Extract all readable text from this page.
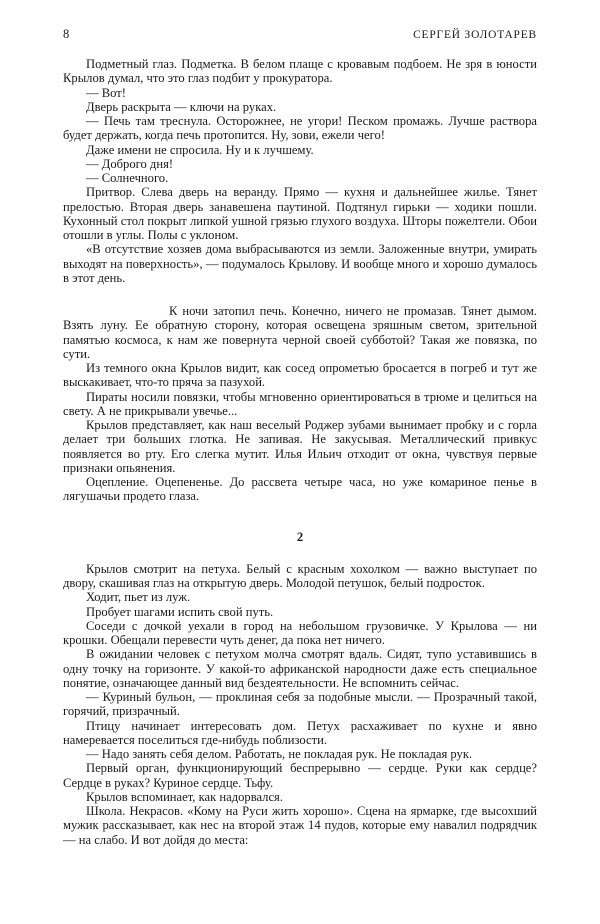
8	СЕРГЕЙ ЗОЛОТАРЕВ

Подметный глаз. Подметка. В белом плаще с кровавым подбоем. Не зря в юности Крылов думал, что это глаз подбит у прокуратора.

— Вот!

Дверь раскрыта — ключи на руках.

— Печь там треснула. Осторожнее, не угори! Песком промажь. Лучше раствора будет держать, когда печь протопится. Ну, зови, ежели чего!

Даже имени не спросила. Ну и к лучшему.

— Доброго дня!

— Солнечного.

Притвор. Слева дверь на веранду. Прямо — кухня и дальнейшее жилье. Тянет прелостью. Вторая дверь занавешена паутиной. Подтянул гирьки — ходики пошли. Кухонный стол покрыт липкой ушной грязью глухого воздуха. Шторы пожелтели. Обои отошли в углы. Полы с уклоном.

«В отсутствие хозяев дома выбрасываются из земли. Заложенные внутри, умирать выходят на поверхность», — подумалось Крылову. И вообще много и хорошо думалось в этот день.

К ночи затопил печь. Конечно, ничего не промазав. Тянет дымом. Взять луну. Ее обратную сторону, которая освещена зряшным светом, зрительной памятью космоса, к нам же повернута черной своей субботой? Такая же повязка, по сути.

Из темного окна Крылов видит, как сосед опрометью бросается в погреб и тут же выскакивает, что-то пряча за пазухой.

Пираты носили повязки, чтобы мгновенно ориентироваться в трюме и целиться на свету. А не прикрывали увечье...

Крылов представляет, как наш веселый Роджер зубами вынимает пробку и с горла делает три больших глотка. Не запивая. Не закусывая. Металлический привкус появляется во рту. Его слегка мутит. Илья Ильич отходит от окна, чувствуя первые признаки опьянения.

Оцепление. Оцепененье. До рассвета четыре часа, но уже комариное пенье в лягушачьи продето глаза.

2

Крылов смотрит на петуха. Белый с красным хохолком — важно выступает по двору, скашивая глаз на открытую дверь. Молодой петушок, белый подросток.

Ходит, пьет из луж.

Пробует шагами испить свой путь.

Соседи с дочкой уехали в город на небольшом грузовичке. У Крылова — ни крошки. Обещали перевести чуть денег, да пока нет ничего.

В ожидании человек с петухом молча смотрят вдаль. Сидят, тупо уставившись в одну точку на горизонте. У какой-то африканской народности даже есть специальное понятие, означающее данный вид бездеятельности. Не вспомнить сейчас.

— Куриный бульон, — проклиная себя за подобные мысли. — Прозрачный такой, горячий, призрачный.

Птицу начинает интересовать дом. Петух расхаживает по кухне и явно намеревается поселиться где-нибудь поблизости.

— Надо занять себя делом. Работать, не покладая рук. Не покладая рук.

Первый орган, функционирующий беспрерывно — сердце. Руки как сердце? Сердце в руках? Куриное сердце. Тьфу.

Крылов вспоминает, как надорвался.

Школа. Некрасов. «Кому на Руси жить хорошо». Сцена на ярмарке, где высохший мужик рассказывает, как нес на второй этаж 14 пудов, которые ему навалил подрядчик — на слабо. И вот дойдя до места:
